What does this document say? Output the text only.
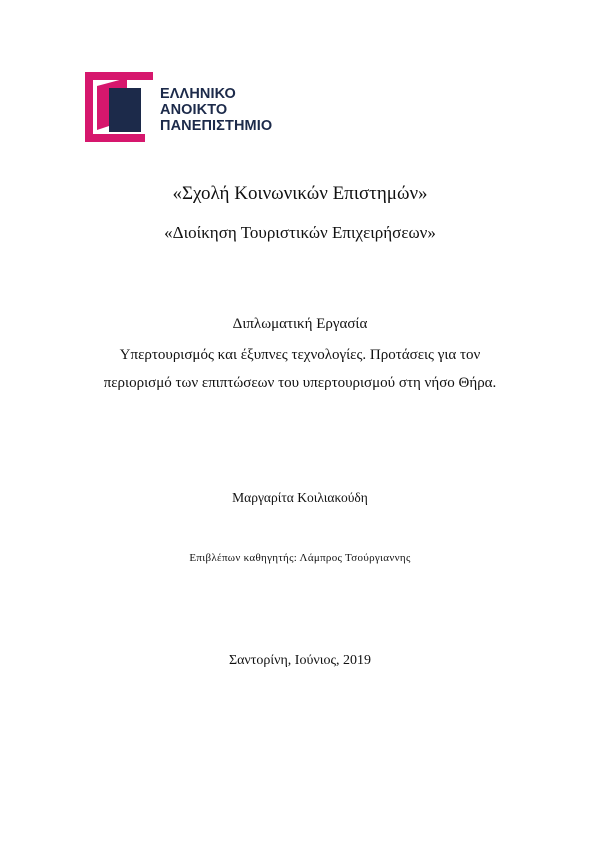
ΕΛΛΗΝΙΚΟ
ΑΝΟΙΚΤΟ
ΠΑΝΕΠΙΣΤΗΜΙΟ
«Σχολή Κοινωνικών Επιστημών»
«Διοίκηση Τουριστικών Επιχειρήσεων»
Διπλωματική Εργασία
Υπερτουρισμός και έξυπνες τεχνολογίες. Προτάσεις για τον
περιορισμό των επιπτώσεων του υπερτουρισμού στη νήσο Θήρα.
Μαργαρίτα Κοιλιακούδη
Επιβλέπων καθηγητής: Λάμπρος Τσούργιαννης
Σαντορίνη, Ιούνιος, 2019
